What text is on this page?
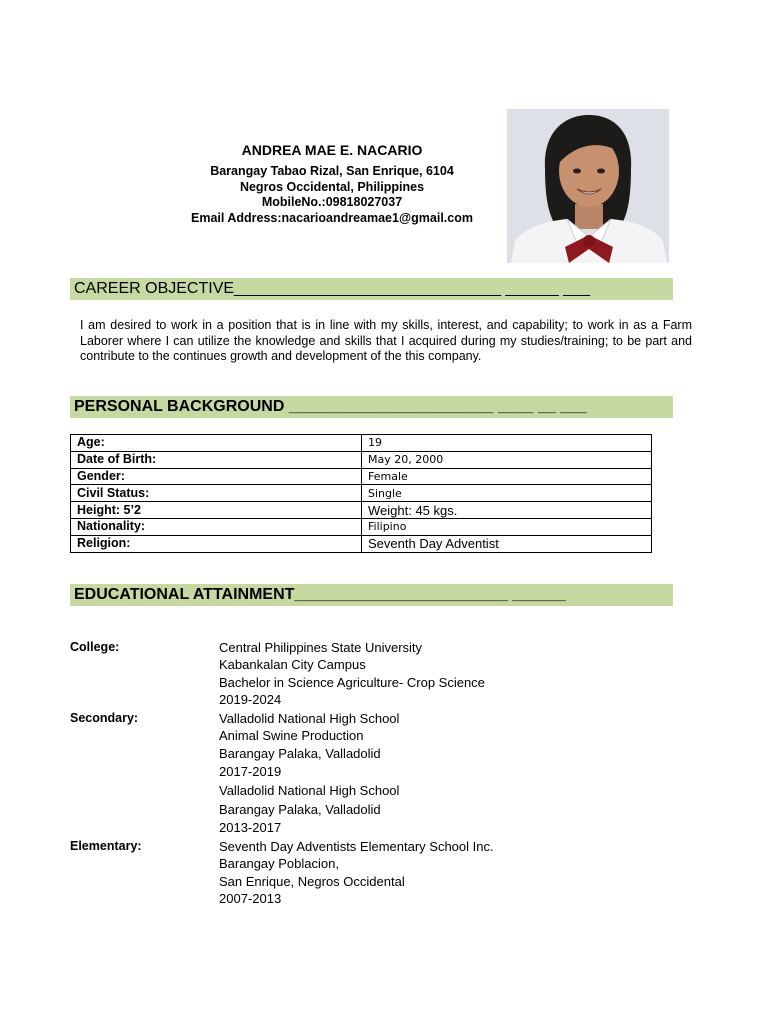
ANDREA MAE E. NACARIO
Barangay Tabao Rizal, San Enrique, 6104
Negros Occidental, Philippines
MobileNo.:09818027037
Email Address:nacarioandreamae1@gmail.com
CAREER OBJECTIVE______________________________ ______ ___
I am desired to work in a position that is in line with my skills, interest, and capability; to work in as a Farm Laborer where I can utilize the knowledge and skills that I acquired during my studies/training; to be part and contribute to the continues growth and development of the this company.
PERSONAL BACKGROUND _______________________ ____ __ ___
Age:	19
Date of Birth:	May 20, 2000
Gender:	Female
Civil Status:	Single
Height: 5’2	Weight: 45 kgs.
Nationality:	Filipino
Religion:	Seventh Day Adventist
EDUCATIONAL ATTAINMENT________________________ ______
College:	Central Philippines State University
Kabankalan City Campus
Bachelor in Science Agriculture- Crop Science
2019-2024
Secondary:	Valladolid National High School
Animal Swine Production
Barangay Palaka, Valladolid
2017-2019
Valladolid National High School
Barangay Palaka, Valladolid
2013-2017
Elementary:	Seventh Day Adventists Elementary School Inc.
Barangay Poblacion,
San Enrique, Negros Occidental
2007-2013
